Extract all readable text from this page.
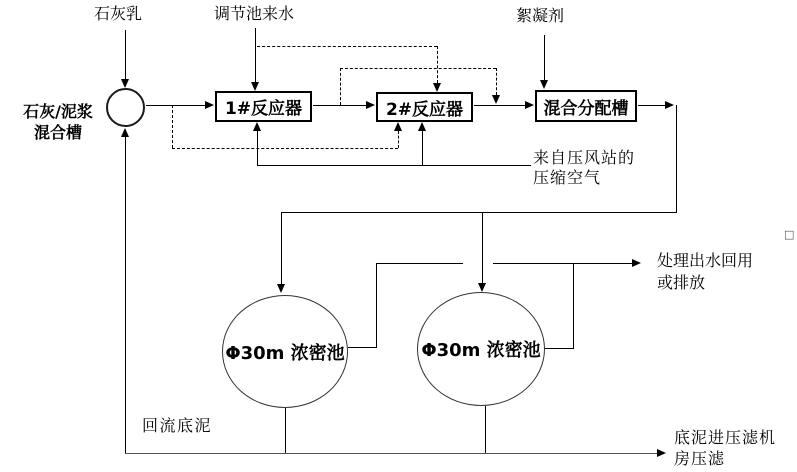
石灰乳	调节池来水	絮凝剂
石灰/泥浆
混合槽
1#反应器	2#反应器	混合分配槽
来自压风站的
压缩空气
Φ30m 浓密池	Φ30m 浓密池
处理出水回用
或排放
底泥进压滤机
房压滤
回流底泥
□
